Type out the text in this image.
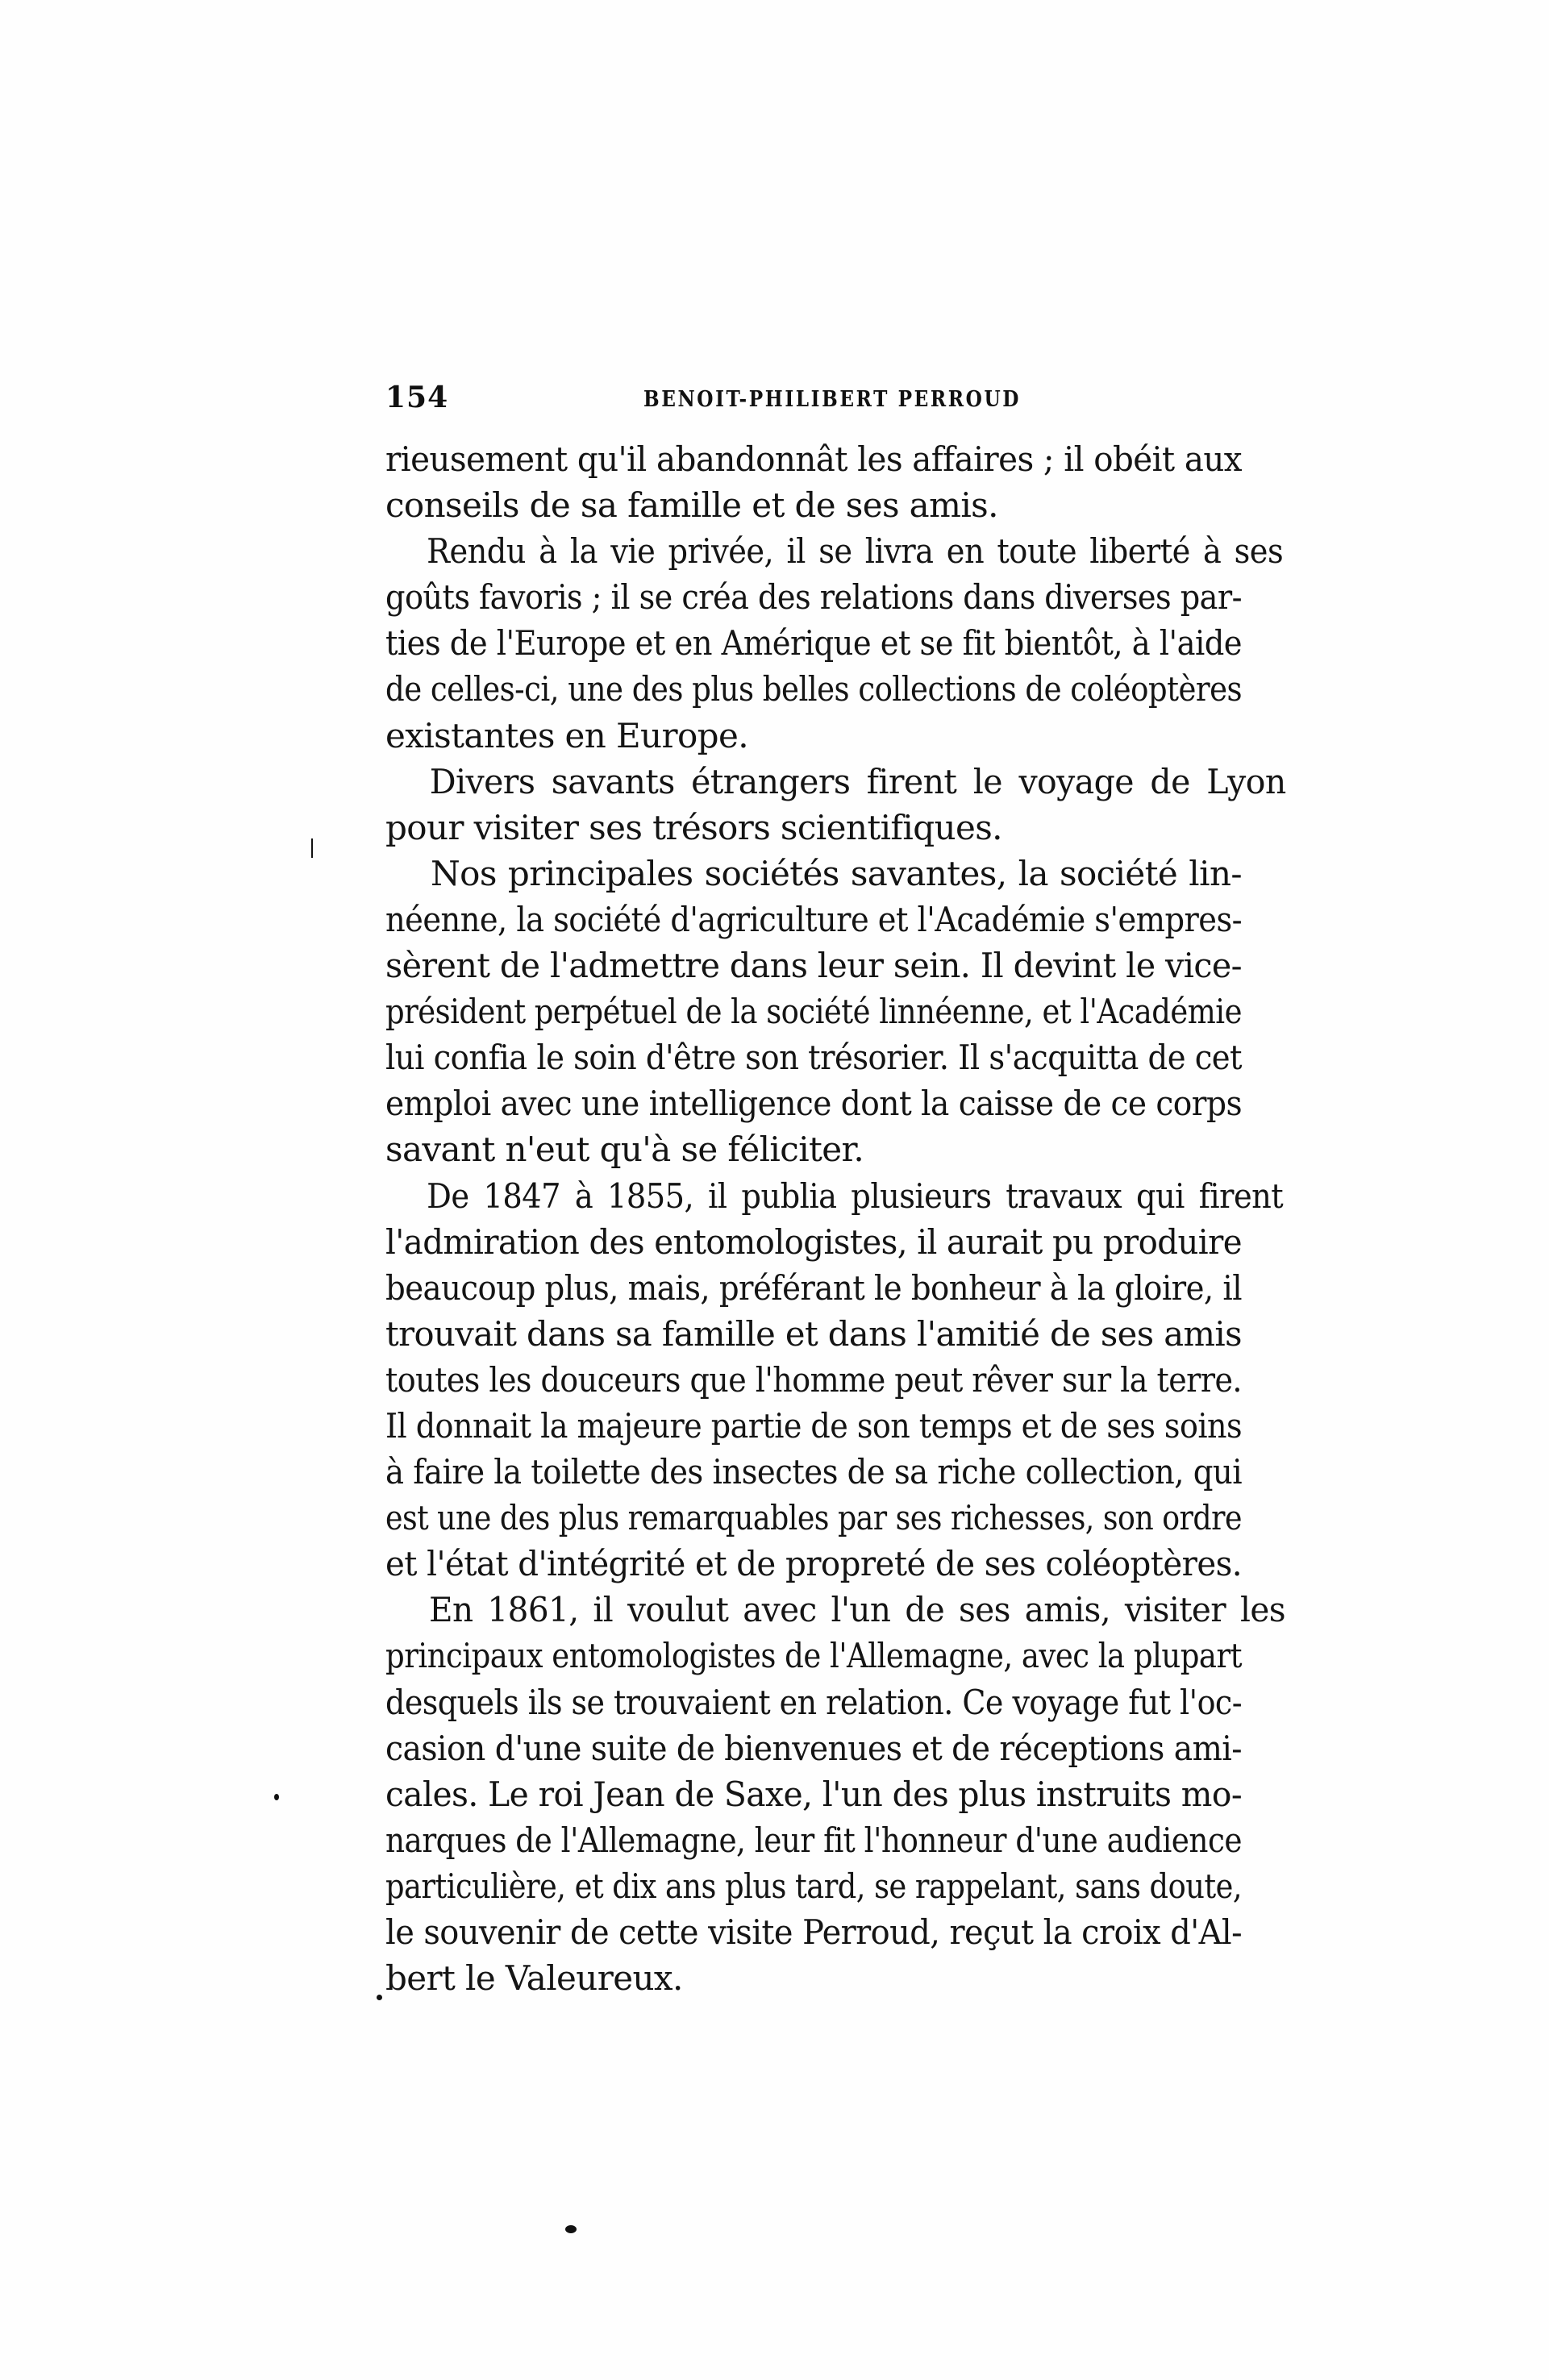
154	BENOIT-PHILIBERT PERROUD
rieusement qu'il abandonnât les affaires ; il obéit aux
conseils de sa famille et de ses amis.
Rendu à la vie privée, il se livra en toute liberté à ses
goûts favoris ; il se créa des relations dans diverses par-
ties de l'Europe et en Amérique et se fit bientôt, à l'aide
de celles-ci, une des plus belles collections de coléoptères
existantes en Europe.
Divers savants étrangers firent le voyage de Lyon
pour visiter ses trésors scientifiques.
Nos principales sociétés savantes, la société lin-
néenne, la société d'agriculture et l'Académie s'empres-
sèrent de l'admettre dans leur sein. Il devint le vice-
président perpétuel de la société linnéenne, et l'Académie
lui confia le soin d'être son trésorier. Il s'acquitta de cet
emploi avec une intelligence dont la caisse de ce corps
savant n'eut qu'à se féliciter.
De 1847 à 1855, il publia plusieurs travaux qui firent
l'admiration des entomologistes, il aurait pu produire
beaucoup plus, mais, préférant le bonheur à la gloire, il
trouvait dans sa famille et dans l'amitié de ses amis
toutes les douceurs que l'homme peut rêver sur la terre.
Il donnait la majeure partie de son temps et de ses soins
à faire la toilette des insectes de sa riche collection, qui
est une des plus remarquables par ses richesses, son ordre
et l'état d'intégrité et de propreté de ses coléoptères.
En 1861, il voulut avec l'un de ses amis, visiter les
principaux entomologistes de l'Allemagne, avec la plupart
desquels ils se trouvaient en relation. Ce voyage fut l'oc-
casion d'une suite de bienvenues et de réceptions ami-
cales. Le roi Jean de Saxe, l'un des plus instruits mo-
narques de l'Allemagne, leur fit l'honneur d'une audience
particulière, et dix ans plus tard, se rappelant, sans doute,
le souvenir de cette visite Perroud, reçut la croix d'Al-
bert le Valeureux.
